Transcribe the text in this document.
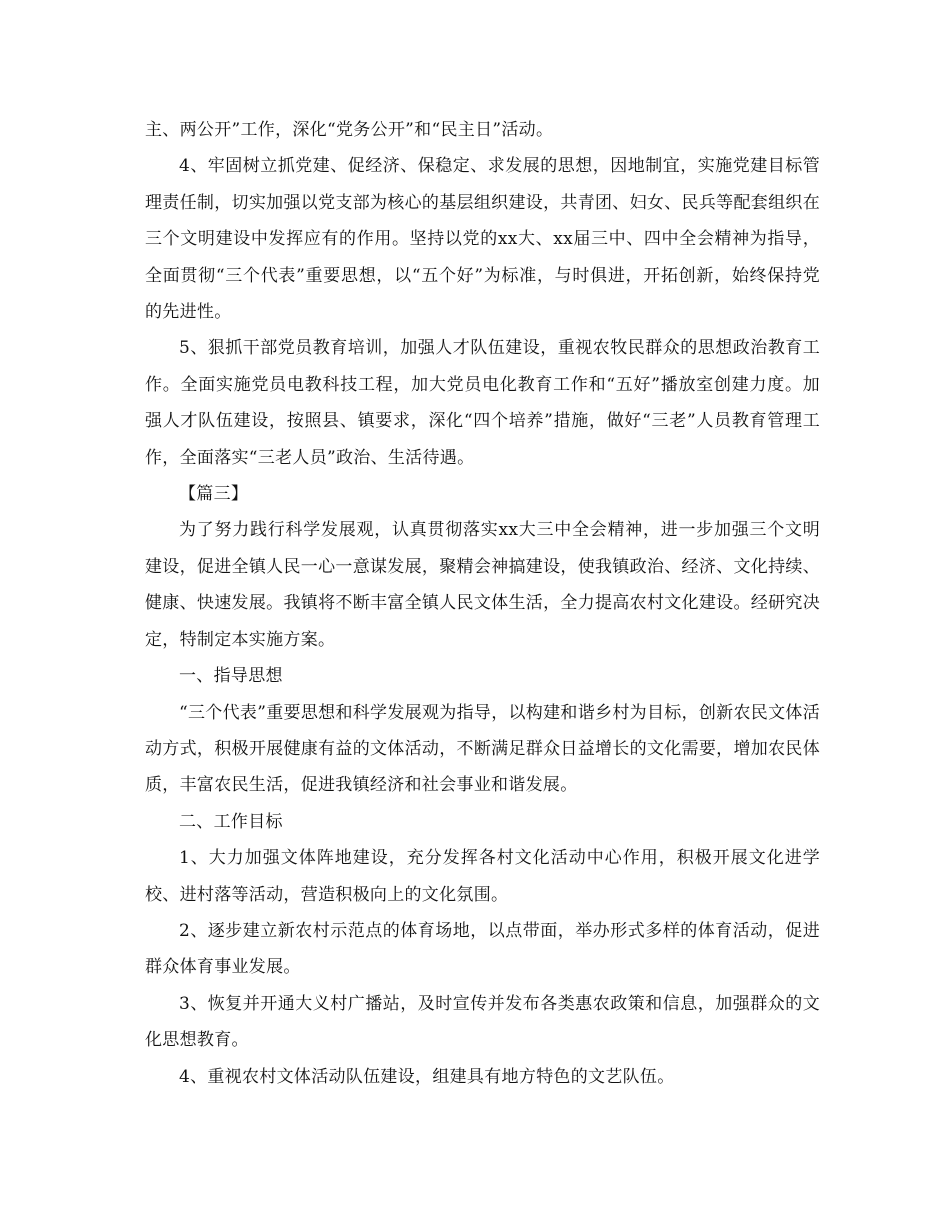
主、两公开”工作，深化“党务公开”和“民主日”活动。

4、牢固树立抓党建、促经济、保稳定、求发展的思想，因地制宜，实施党建目标管理责任制，切实加强以党支部为核心的基层组织建设，共青团、妇女、民兵等配套组织在三个文明建设中发挥应有的作用。坚持以党的xx大、xx届三中、四中全会精神为指导，全面贯彻“三个代表”重要思想，以“五个好”为标准，与时俱进，开拓创新，始终保持党的先进性。

5、狠抓干部党员教育培训，加强人才队伍建设，重视农牧民群众的思想政治教育工作。全面实施党员电教科技工程，加大党员电化教育工作和“五好”播放室创建力度。加强人才队伍建设，按照县、镇要求，深化“四个培养”措施，做好“三老”人员教育管理工作，全面落实“三老人员”政治、生活待遇。

【篇三】

为了努力践行科学发展观，认真贯彻落实xx大三中全会精神，进一步加强三个文明建设，促进全镇人民一心一意谋发展，聚精会神搞建设，使我镇政治、经济、文化持续、健康、快速发展。我镇将不断丰富全镇人民文体生活，全力提高农村文化建设。经研究决定，特制定本实施方案。

一、指导思想

“三个代表”重要思想和科学发展观为指导，以构建和谐乡村为目标，创新农民文体活动方式，积极开展健康有益的文体活动，不断满足群众日益增长的文化需要，增加农民体质，丰富农民生活，促进我镇经济和社会事业和谐发展。

二、工作目标

1、大力加强文体阵地建设，充分发挥各村文化活动中心作用，积极开展文化进学校、进村落等活动，营造积极向上的文化氛围。

2、逐步建立新农村示范点的体育场地，以点带面，举办形式多样的体育活动，促进群众体育事业发展。

3、恢复并开通大义村广播站，及时宣传并发布各类惠农政策和信息，加强群众的文化思想教育。

4、重视农村文体活动队伍建设，组建具有地方特色的文艺队伍。
